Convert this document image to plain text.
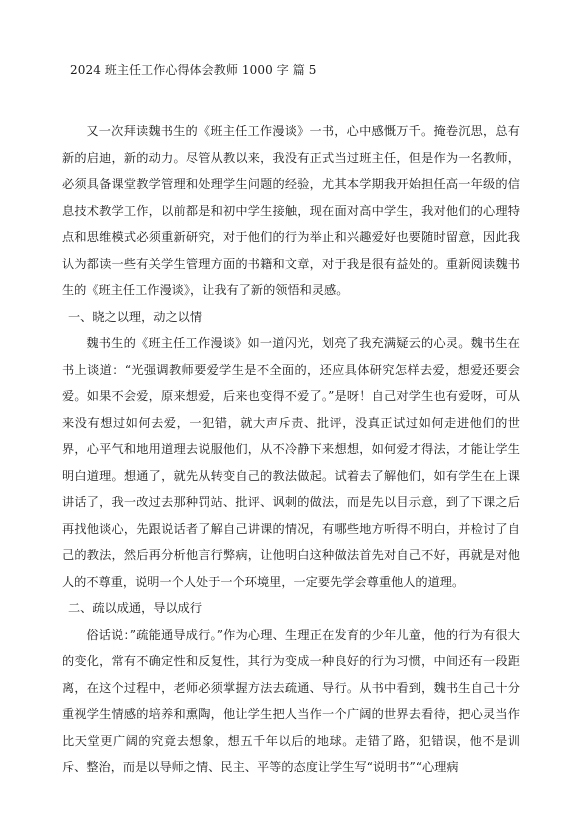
2024 班主任工作心得体会教师 1000 字 篇 5

又一次拜读魏书生的《班主任工作漫谈》一书，心中感慨万千。掩卷沉思，总有新的启迪，新的动力。尽管从教以来，我没有正式当过班主任，但是作为一名教师，必须具备课堂教学管理和处理学生问题的经验，尤其本学期我开始担任高一年级的信息技术教学工作，以前都是和初中学生接触，现在面对高中学生，我对他们的心理特点和思维模式必须重新研究，对于他们的行为举止和兴趣爱好也要随时留意，因此我认为都读一些有关学生管理方面的书籍和文章，对于我是很有益处的。重新阅读魏书生的《班主任工作漫谈》，让我有了新的领悟和灵感。

一、晓之以理，动之以情

魏书生的《班主任工作漫谈》如一道闪光，划亮了我充满疑云的心灵。魏书生在书上谈道：“光强调教师要爱学生是不全面的，还应具体研究怎样去爱，想爱还要会爱。如果不会爱，原来想爱，后来也变得不爱了。”是呀！自己对学生也有爱呀，可从来没有想过如何去爱，一犯错，就大声斥责、批评，没真正试过如何走进他们的世界，心平气和地用道理去说服他们，从不冷静下来想想，如何爱才得法，才能让学生明白道理。想通了，就先从转变自己的教法做起。试着去了解他们，如有学生在上课讲话了，我一改过去那种罚站、批评、讽刺的做法，而是先以目示意，到了下课之后再找他谈心，先跟说话者了解自己讲课的情况，有哪些地方听得不明白，并检讨了自己的教法，然后再分析他言行弊病，让他明白这种做法首先对自己不好，再就是对他人的不尊重，说明一个人处于一个环境里，一定要先学会尊重他人的道理。

二、疏以成通，导以成行

俗话说：”疏能通导成行。”作为心理、生理正在发育的少年儿童，他的行为有很大的变化，常有不确定性和反复性，其行为变成一种良好的行为习惯，中间还有一段距离，在这个过程中，老师必须掌握方法去疏通、导行。从书中看到，魏书生自己十分重视学生情感的培养和熏陶，他让学生把人当作一个广阔的世界去看待，把心灵当作比天堂更广阔的究竟去想象，想五千年以后的地球。走错了路，犯错误，他不是训斥、整治，而是以导师之情、民主、平等的态度让学生写“说明书”“心理病
